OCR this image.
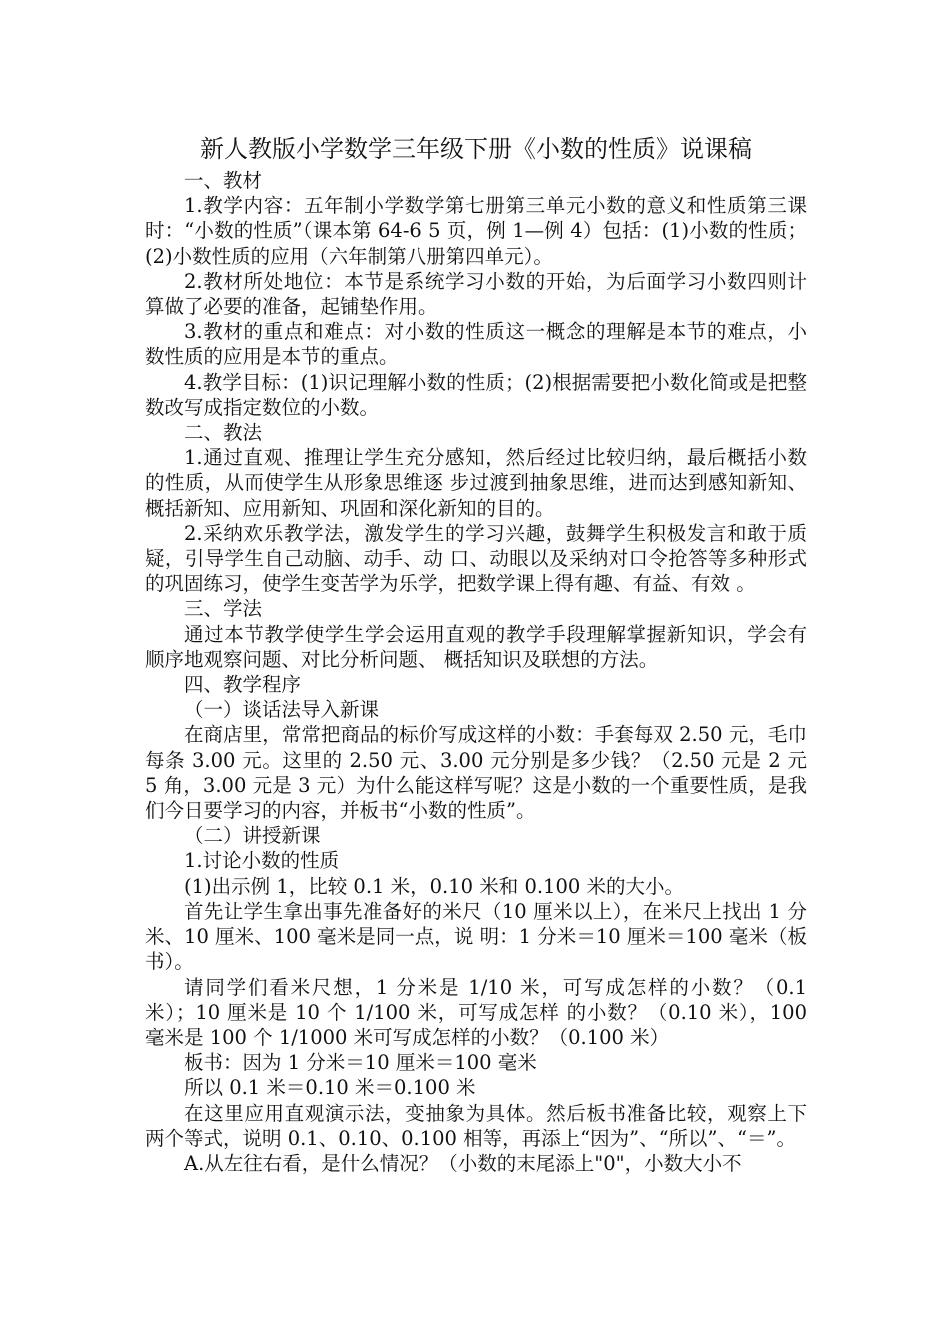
新人教版小学数学三年级下册《小数的性质》说课稿
一、教材
1.教学内容：五年制小学数学第七册第三单元小数的意义和性质第三课时：“小数的性质”（课本第 64-6 5 页，例 1—例 4）包括：(1)小数的性质；(2)小数性质的应用（六年制第八册第四单元）。
2.教材所处地位：本节是系统学习小数的开始，为后面学习小数四则计算做了必要的准备，起铺垫作用。
3.教材的重点和难点：对小数的性质这一概念的理解是本节的难点，小数性质的应用是本节的重点。
4.教学目标：(1)识记理解小数的性质；(2)根据需要把小数化简或是把整数改写成指定数位的小数。
二、教法
1.通过直观、推理让学生充分感知，然后经过比较归纳，最后概括小数的性质，从而使学生从形象思维逐 步过渡到抽象思维，进而达到感知新知、概括新知、应用新知、巩固和深化新知的目的。
2.采纳欢乐教学法，激发学生的学习兴趣，鼓舞学生积极发言和敢于质疑，引导学生自己动脑、动手、动 口、动眼以及采纳对口令抢答等多种形式的巩固练习，使学生变苦学为乐学，把数学课上得有趣、有益、有效 。
三、学法
通过本节教学使学生学会运用直观的教学手段理解掌握新知识，学会有顺序地观察问题、对比分析问题、 概括知识及联想的方法。
四、教学程序
（一）谈话法导入新课
在商店里，常常把商品的标价写成这样的小数：手套每双 2.50 元，毛巾每条 3.00 元。这里的 2.50 元、3.00 元分别是多少钱？（2.50 元是 2 元 5 角，3.00 元是 3 元）为什么能这样写呢？这是小数的一个重要性质，是我们今日要学习的内容，并板书“小数的性质”。
（二）讲授新课
1.讨论小数的性质
(1)出示例 1，比较 0.1 米，0.10 米和 0.100 米的大小。
首先让学生拿出事先准备好的米尺（10 厘米以上），在米尺上找出 1 分米、10 厘米、100 毫米是同一点，说 明：1 分米＝10 厘米＝100 毫米（板书）。
请同学们看米尺想，1 分米是 1/10 米，可写成怎样的小数？（0.1 米）；10 厘米是 10 个 1/100 米，可写成怎样 的小数？（0.10 米），100 毫米是 100 个 1/1000 米可写成怎样的小数？（0.100 米）
板书：因为 1 分米＝10 厘米＝100 毫米
所以 0.1 米＝0.10 米＝0.100 米
在这里应用直观演示法，变抽象为具体。然后板书准备比较，观察上下两个等式，说明 0.1、0.10、0.100 相等，再添上“因为”、“所以”、“＝”。
A.从左往右看，是什么情况？（小数的末尾添上"0"，小数大小不
